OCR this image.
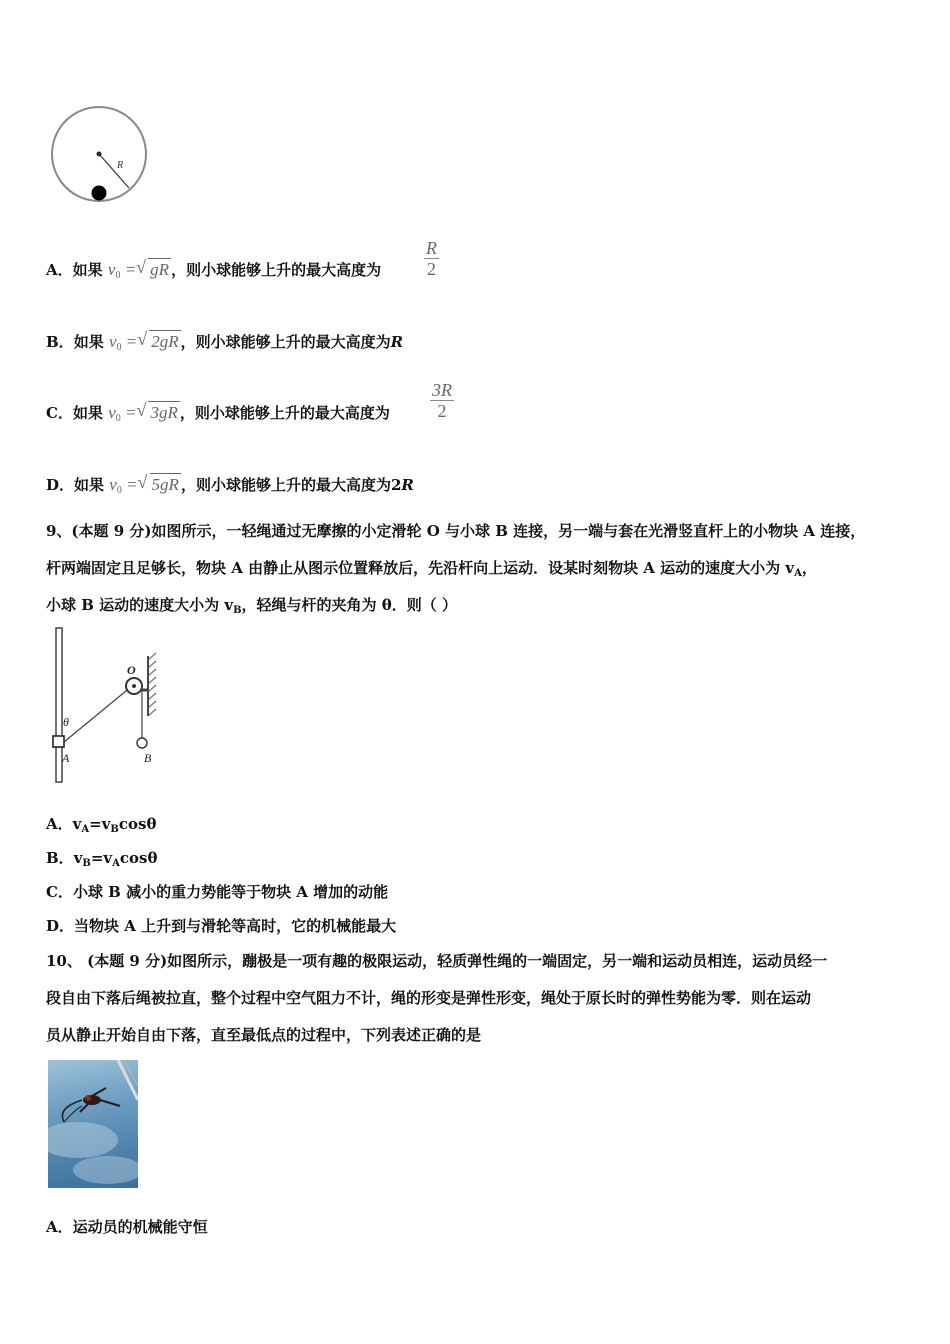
R
A．如果 $v_0$ = √ gR ，则小球能够上升的最大高度为 $\frac{R}{2}$
B．如果 $v_0$ = √ 2gR ，则小球能够上升的最大高度为R
C．如果 $v_0$ = √ 3gR ，则小球能够上升的最大高度为 $\frac{3R}{2}$
D．如果 $v_0$ = √ 5gR ，则小球能够上升的最大高度为2R
9、(本题 9 分)如图所示，一轻绳通过无摩擦的小定滑轮 O 与小球 B 连接，另一端与套在光滑竖直杆上的小物块 A 连接，
杆两端固定且足够长，物块 A 由静止从图示位置释放后，先沿杆向上运动．设某时刻物块 A 运动的速度大小为 $v_A$，
小球 B 运动的速度大小为 $v_B$，轻绳与杆的夹角为 θ．则（ ）
O
θ
A	B
A．$v_A=v_B\cos\theta$
B．$v_B=v_A\cos\theta$
C．小球 B 减小的重力势能等于物块 A 增加的动能
D．当物块 A 上升到与滑轮等高时，它的机械能最大
10、 (本题 9 分)如图所示，蹦极是一项有趣的极限运动，轻质弹性绳的一端固定，另一端和运动员相连，运动员经一
段自由下落后绳被拉直，整个过程中空气阻力不计，绳的形变是弹性形变，绳处于原长时的弹性势能为零．则在运动
员从静止开始自由下落，直至最低点的过程中，下列表述正确的是
A．运动员的机械能守恒
